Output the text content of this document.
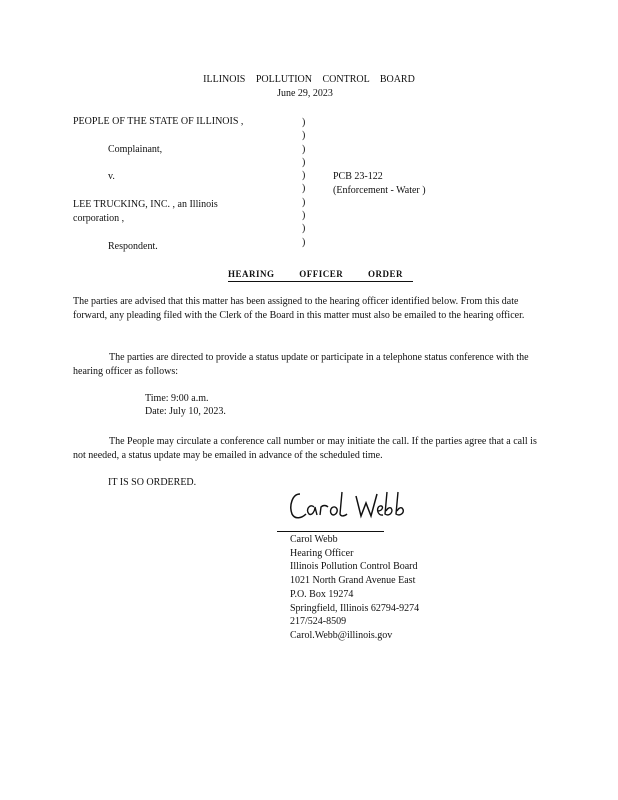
ILLINOIS POLLUTION CONTROL BOARD
June 29, 2023
PEOPLE OF THE STATE OF ILLINOIS ,
Complainant,
v.
LEE TRUCKING, INC. , an Illinois
corporation ,
Respondent.
)
)
)
)
)
)
)
)
)
)
PCB 23-122
(Enforcement - Water )
HEARING OFFICER ORDER
The parties are advised that this matter has been assigned to the hearing officer identified below. From this date forward, any pleading filed with the Clerk of the Board in this matter must also be emailed to the hearing officer.
The parties are directed to provide a status update or participate in a telephone status conference with the hearing officer as follows:
Time: 9:00 a.m.
Date: July 10, 2023.
The People may circulate a conference call number or may initiate the call. If the parties agree that a call is not needed, a status update may be emailed in advance of the scheduled time.
IT IS SO ORDERED.
Carol Webb
Hearing Officer
Illinois Pollution Control Board
1021 North Grand Avenue East
P.O. Box 19274
Springfield, Illinois 62794-9274
217/524-8509
Carol.Webb@illinois.gov
